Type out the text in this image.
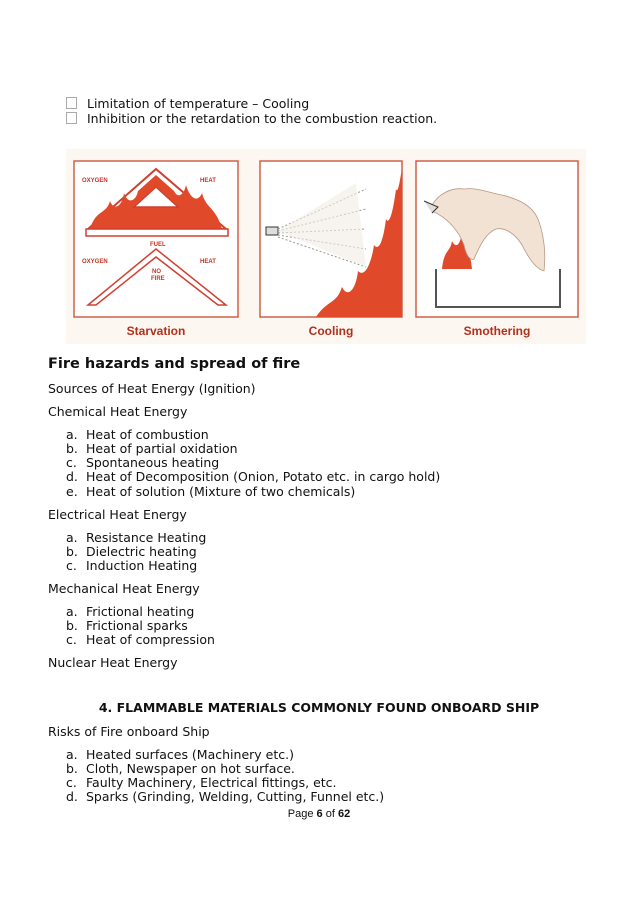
Limitation of temperature – Cooling
Inhibition or the retardation to the combustion reaction.
OXYGEN	HEAT
FUEL
OXYGEN	HEAT
NO
FIRE
Starvation	Cooling	Smothering
Fire hazards and spread of fire
Sources of Heat Energy (Ignition)
Chemical Heat Energy
a. Heat of combustion
b. Heat of partial oxidation
c. Spontaneous heating
d. Heat of Decomposition (Onion, Potato etc. in cargo hold)
e. Heat of solution (Mixture of two chemicals)
Electrical Heat Energy
a. Resistance Heating
b. Dielectric heating
c. Induction Heating
Mechanical Heat Energy
a. Frictional heating
b. Frictional sparks
c. Heat of compression
Nuclear Heat Energy
4. FLAMMABLE MATERIALS COMMONLY FOUND ONBOARD SHIP
Risks of Fire onboard Ship
a. Heated surfaces (Machinery etc.)
b. Cloth, Newspaper on hot surface.
c. Faulty Machinery, Electrical fittings, etc.
d. Sparks (Grinding, Welding, Cutting, Funnel etc.)
Page 6 of 62
